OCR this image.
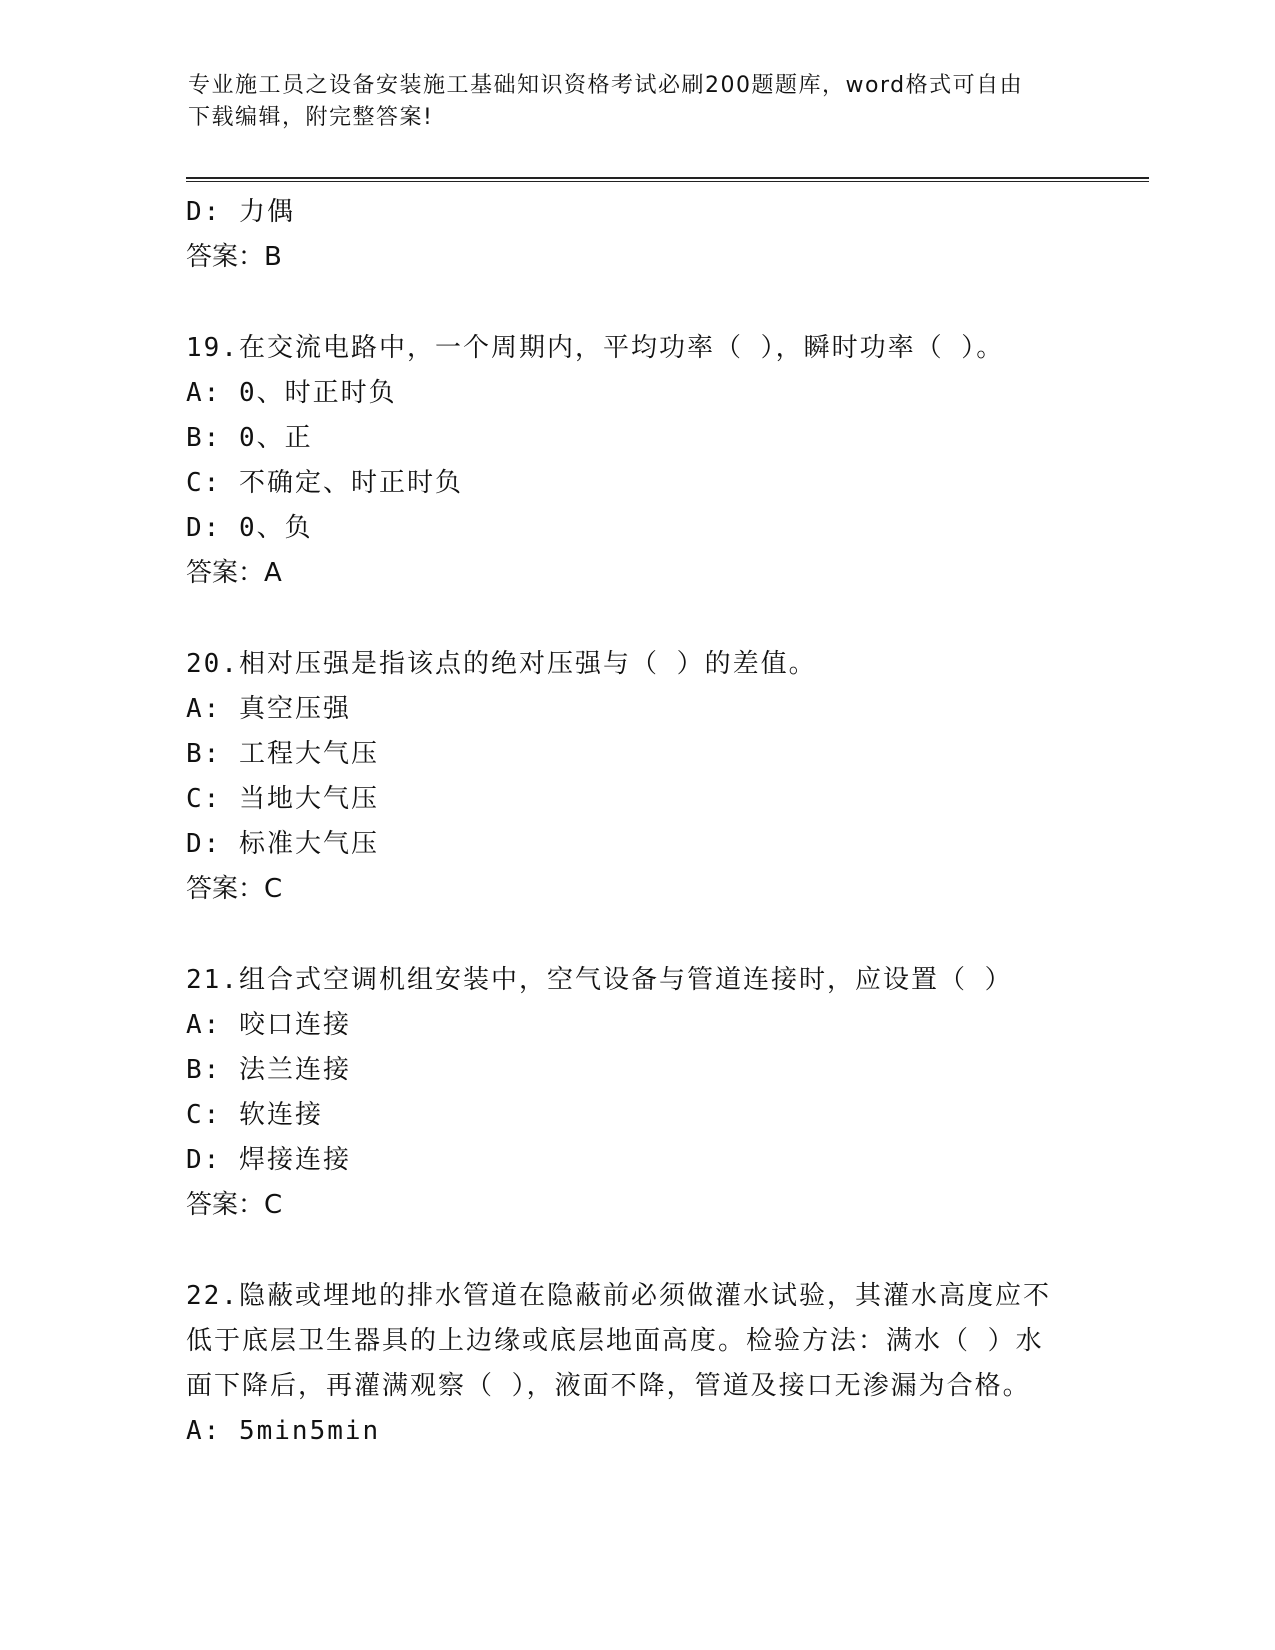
专业施工员之设备安装施工基础知识资格考试必刷200题题库，word格式可自由
下载编辑，附完整答案!
D: 力偶
答案：B
19.在交流电路中，一个周期内，平均功率（ ），瞬时功率（ ）。
A: 0、时正时负
B: 0、正
C: 不确定、时正时负
D: 0、负
答案：A
20.相对压强是指该点的绝对压强与（ ）的差值。
A: 真空压强
B: 工程大气压
C: 当地大气压
D: 标准大气压
答案：C
21.组合式空调机组安装中，空气设备与管道连接时，应设置（ ）
A: 咬口连接
B: 法兰连接
C: 软连接
D: 焊接连接
答案：C
22.隐蔽或埋地的排水管道在隐蔽前必须做灌水试验，其灌水高度应不
低于底层卫生器具的上边缘或底层地面高度。检验方法：满水（ ）水
面下降后，再灌满观察（ ），液面不降，管道及接口无渗漏为合格。
A: 5min5min
